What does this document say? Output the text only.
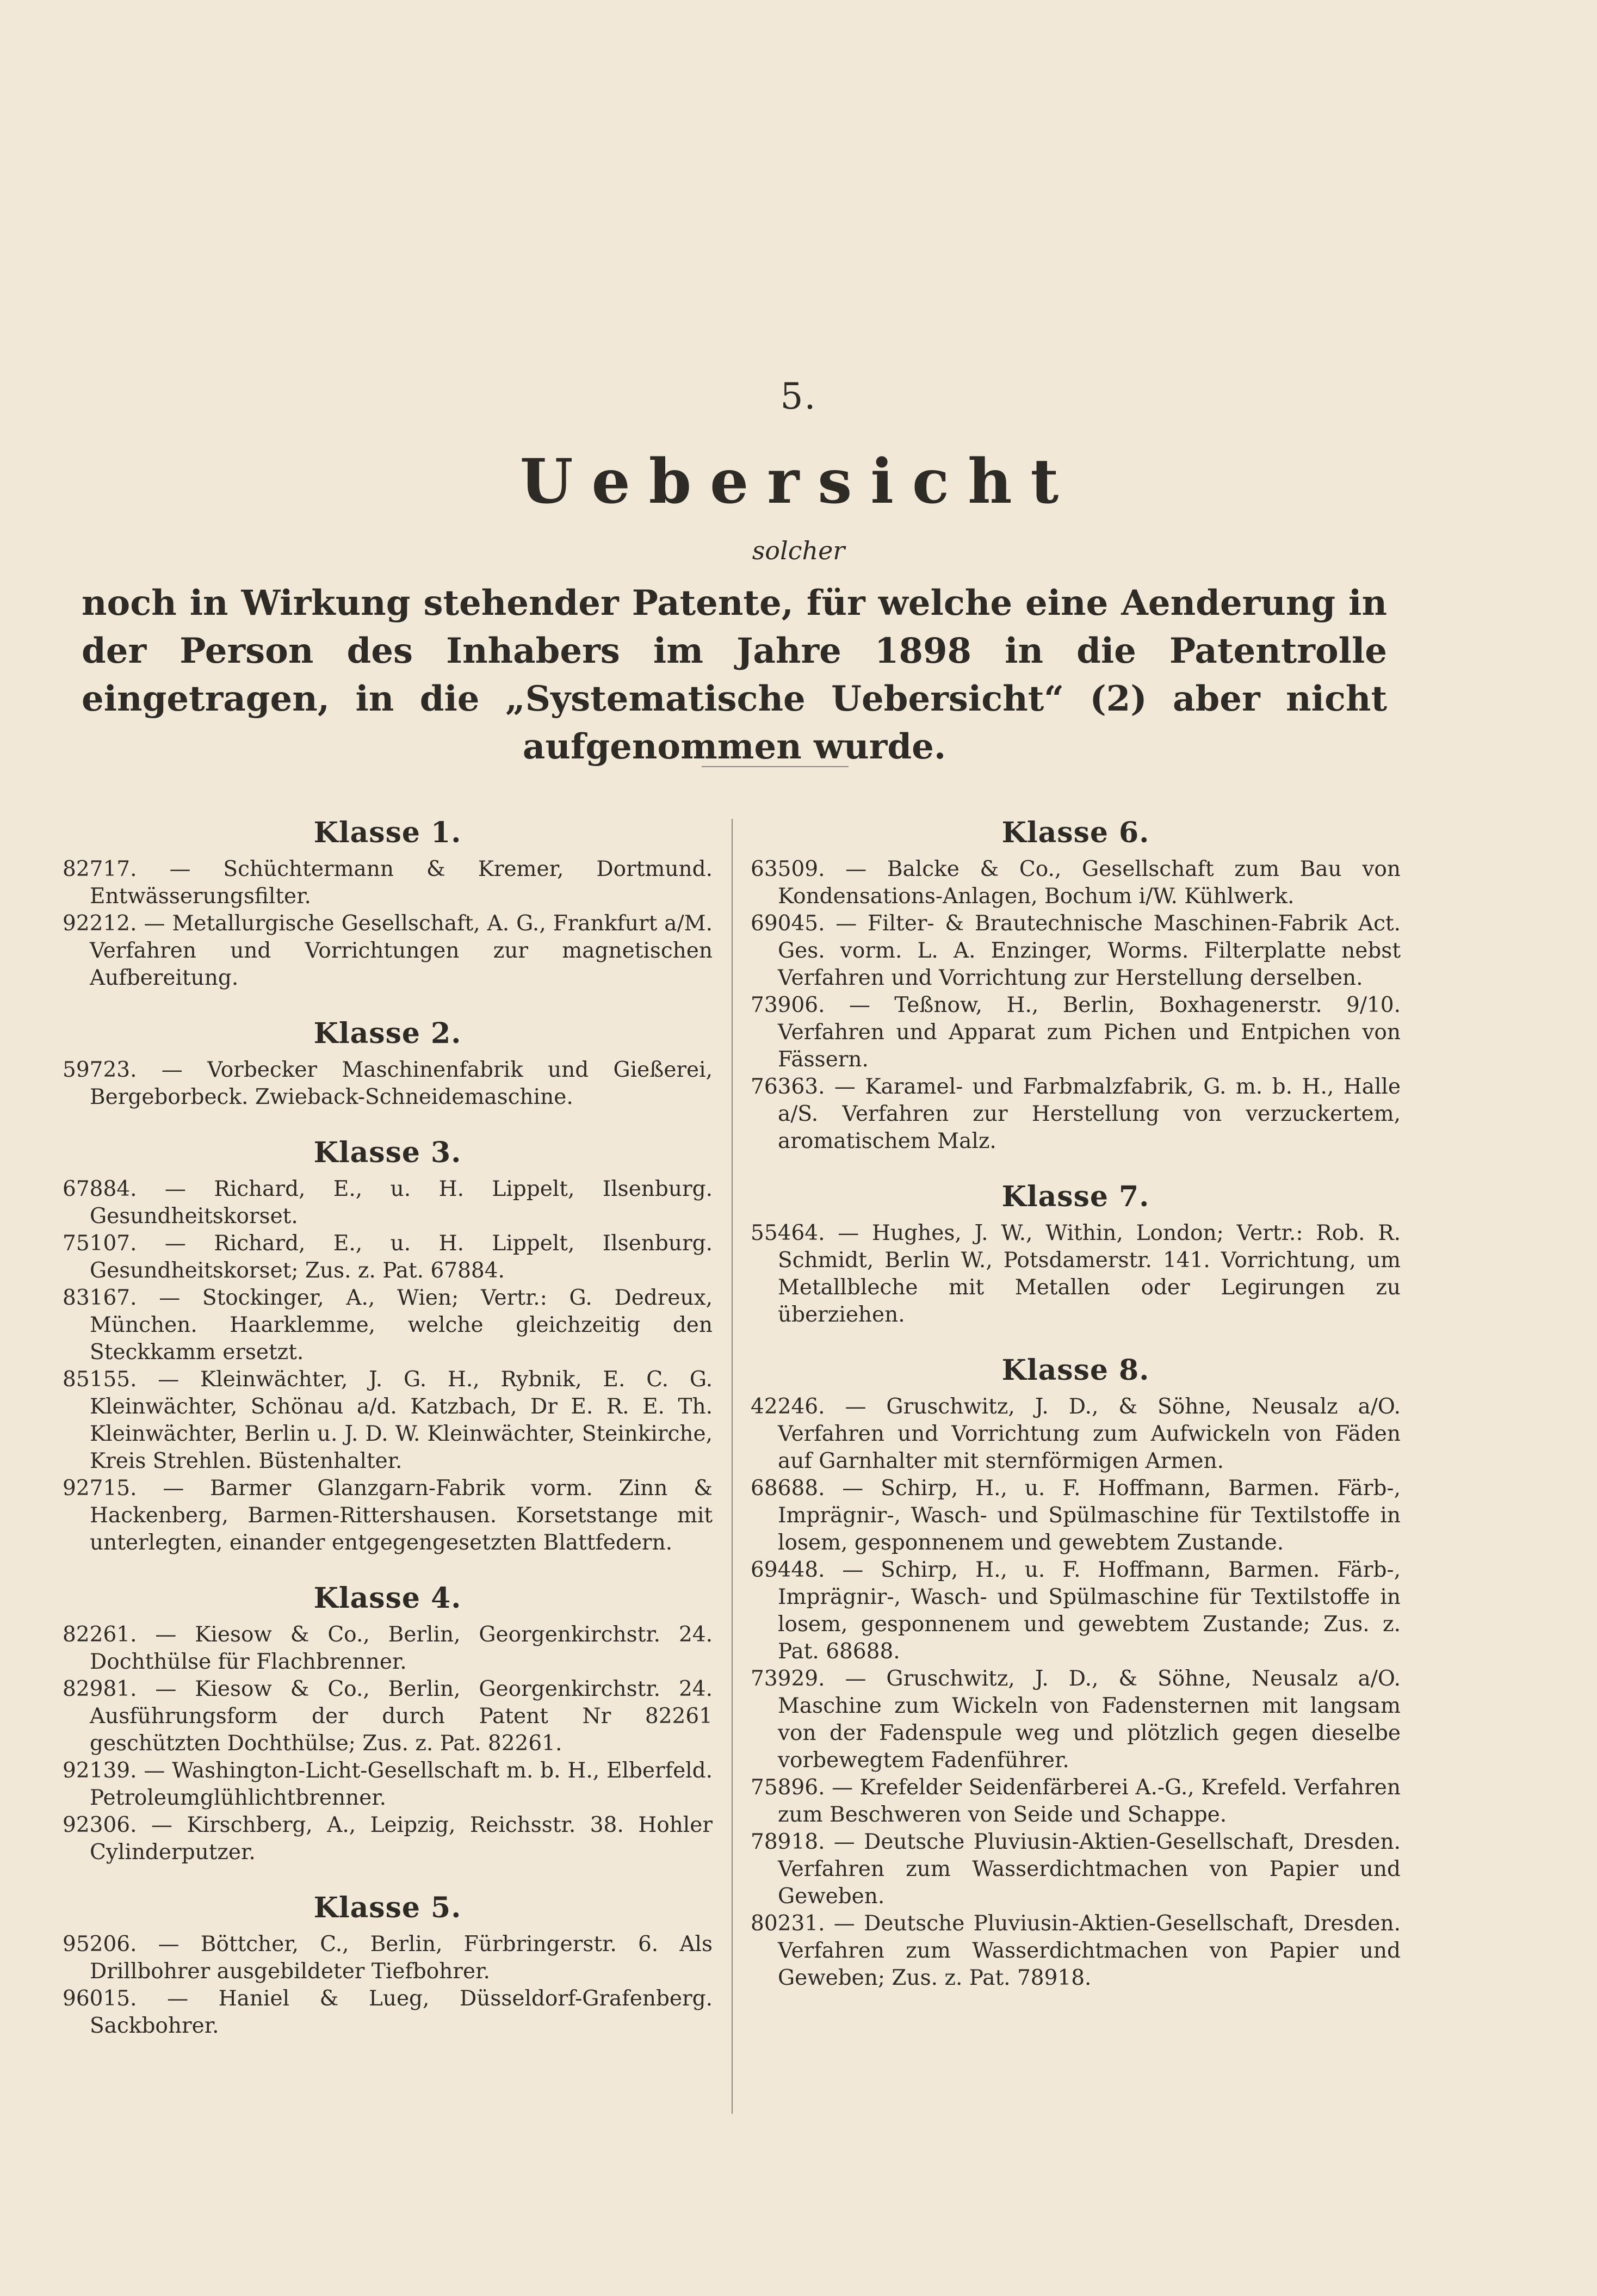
5.
Uebersicht
solcher
noch in Wirkung stehender Patente, für welche eine Aenderung in der Person des Inhabers im Jahre 1898 in die Patentrolle eingetragen, in die „Systematische Uebersicht“ (2) aber nicht aufgenommen wurde.
Klasse 1.
82717. — Schüchtermann & Kremer, Dortmund. Entwässerungsfilter.
92212. — Metallurgische Gesellschaft, A. G., Frankfurt a/M. Verfahren und Vorrichtungen zur magnetischen Aufbereitung.
Klasse 2.
59723. — Vorbecker Maschinenfabrik und Gießerei, Bergeborbeck. Zwieback-Schneidemaschine.
Klasse 3.
67884. — Richard, E., u. H. Lippelt, Ilsenburg. Gesundheitskorset.
75107. — Richard, E., u. H. Lippelt, Ilsenburg. Gesundheitskorset; Zus. z. Pat. 67884.
83167. — Stockinger, A., Wien; Vertr.: G. Dedreux, München. Haarklemme, welche gleichzeitig den Steckkamm ersetzt.
85155. — Kleinwächter, J. G. H., Rybnik, E. C. G. Kleinwächter, Schönau a/d. Katzbach, Dr E. R. E. Th. Kleinwächter, Berlin u. J. D. W. Kleinwächter, Steinkirche, Kreis Strehlen. Büstenhalter.
92715. — Barmer Glanzgarn-Fabrik vorm. Zinn & Hackenberg, Barmen-Rittershausen. Korsetstange mit unterlegten, einander entgegengesetzten Blattfedern.
Klasse 4.
82261. — Kiesow & Co., Berlin, Georgenkirchstr. 24. Dochthülse für Flachbrenner.
82981. — Kiesow & Co., Berlin, Georgenkirchstr. 24. Ausführungsform der durch Patent Nr 82261 geschützten Dochthülse; Zus. z. Pat. 82261.
92139. — Washington-Licht-Gesellschaft m. b. H., Elberfeld. Petroleumglühlichtbrenner.
92306. — Kirschberg, A., Leipzig, Reichsstr. 38. Hohler Cylinderputzer.
Klasse 5.
95206. — Böttcher, C., Berlin, Fürbringerstr. 6. Als Drillbohrer ausgebildeter Tiefbohrer.
96015. — Haniel & Lueg, Düsseldorf-Grafenberg. Sackbohrer.
Klasse 6.
63509. — Balcke & Co., Gesellschaft zum Bau von Kondensations-Anlagen, Bochum i/W. Kühlwerk.
69045. — Filter- & Brautechnische Maschinen-Fabrik Act. Ges. vorm. L. A. Enzinger, Worms. Filterplatte nebst Verfahren und Vorrichtung zur Herstellung derselben.
73906. — Teßnow, H., Berlin, Boxhagenerstr. 9/10. Verfahren und Apparat zum Pichen und Entpichen von Fässern.
76363. — Karamel- und Farbmalzfabrik, G. m. b. H., Halle a/S. Verfahren zur Herstellung von verzuckertem, aromatischem Malz.
Klasse 7.
55464. — Hughes, J. W., Within, London; Vertr.: Rob. R. Schmidt, Berlin W., Potsdamerstr. 141. Vorrichtung, um Metallbleche mit Metallen oder Legirungen zu überziehen.
Klasse 8.
42246. — Gruschwitz, J. D., & Söhne, Neusalz a/O. Verfahren und Vorrichtung zum Aufwickeln von Fäden auf Garnhalter mit sternförmigen Armen.
68688. — Schirp, H., u. F. Hoffmann, Barmen. Färb-, Imprägnir-, Wasch- und Spülmaschine für Textilstoffe in losem, gesponnenem und gewebtem Zustande.
69448. — Schirp, H., u. F. Hoffmann, Barmen. Färb-, Imprägnir-, Wasch- und Spülmaschine für Textilstoffe in losem, gesponnenem und gewebtem Zustande; Zus. z. Pat. 68688.
73929. — Gruschwitz, J. D., & Söhne, Neusalz a/O. Maschine zum Wickeln von Fadensternen mit langsam von der Fadenspule weg und plötzlich gegen dieselbe vorbewegtem Fadenführer.
75896. — Krefelder Seidenfärberei A.-G., Krefeld. Verfahren zum Beschweren von Seide und Schappe.
78918. — Deutsche Pluviusin-Aktien-Gesellschaft, Dresden. Verfahren zum Wasserdichtmachen von Papier und Geweben.
80231. — Deutsche Pluviusin-Aktien-Gesellschaft, Dresden. Verfahren zum Wasserdichtmachen von Papier und Geweben; Zus. z. Pat. 78918.
